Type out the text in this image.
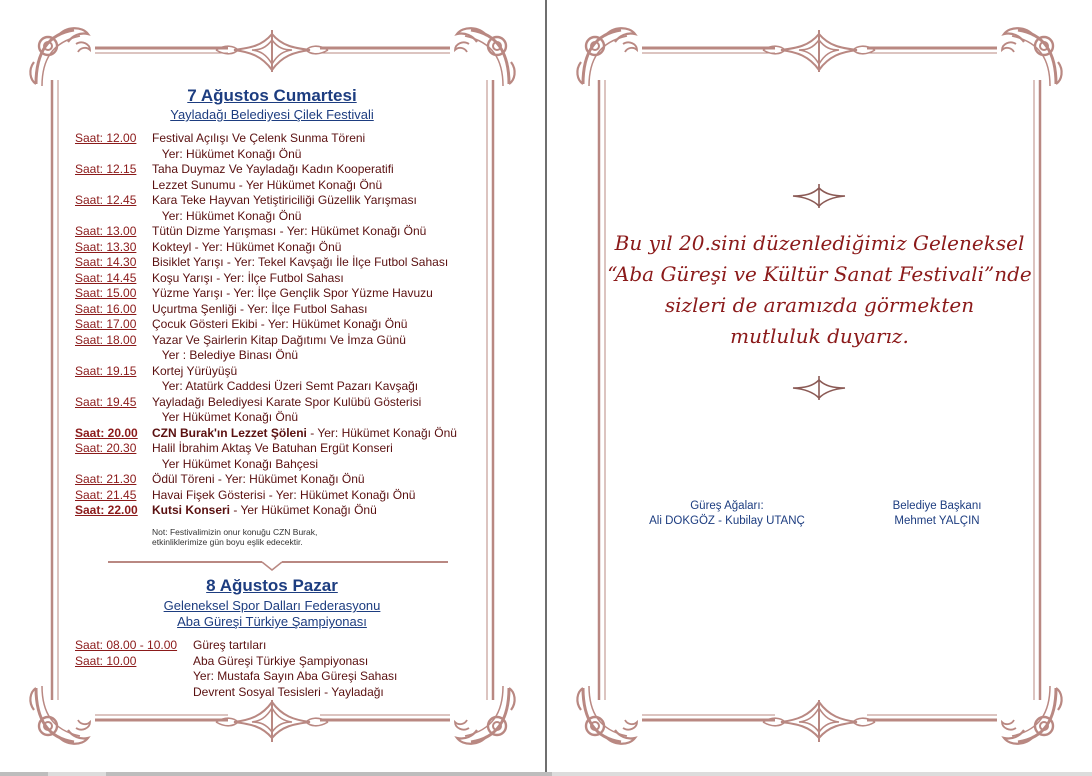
7 Ağustos Cumartesi
Yayladağı Belediyesi Çilek Festivali
Saat: 12.00 Festival Açılışı Ve Çelenk Sunma Töreni
Yer: Hükümet Konağı Önü
Saat: 12.15 Taha Duymaz Ve Yayladağı Kadın Kooperatifi
Lezzet Sunumu - Yer Hükümet Konağı Önü
Saat: 12.45 Kara Teke Hayvan Yetiştiriciliği Güzellik Yarışması
Yer: Hükümet Konağı Önü
Saat: 13.00 Tütün Dizme Yarışması - Yer: Hükümet Konağı Önü
Saat: 13.30 Kokteyl - Yer: Hükümet Konağı Önü
Saat: 14.30 Bisiklet Yarışı - Yer: Tekel Kavşağı İle İlçe Futbol Sahası
Saat: 14.45 Koşu Yarışı - Yer: İlçe Futbol Sahası
Saat: 15.00 Yüzme Yarışı - Yer: İlçe Gençlik Spor Yüzme Havuzu
Saat: 16.00 Uçurtma Şenliği - Yer: İlçe Futbol Sahası
Saat: 17.00 Çocuk Gösteri Ekibi - Yer: Hükümet Konağı Önü
Saat: 18.00 Yazar Ve Şairlerin Kitap Dağıtımı Ve İmza Günü
Yer : Belediye Binası Önü
Saat: 19.15 Kortej Yürüyüşü
Yer: Atatürk Caddesi Üzeri Semt Pazarı Kavşağı
Saat: 19.45 Yayladağı Belediyesi Karate Spor Kulübü Gösterisi
Yer Hükümet Konağı Önü
Saat: 20.00 CZN Burak'ın Lezzet Şöleni - Yer: Hükümet Konağı Önü
Saat: 20.30 Halil İbrahim Aktaş Ve Batuhan Ergüt Konseri
Yer Hükümet Konağı Bahçesi
Saat: 21.30 Ödül Töreni - Yer: Hükümet Konağı Önü
Saat: 21.45 Havai Fişek Gösterisi - Yer: Hükümet Konağı Önü
Saat: 22.00 Kutsi Konseri - Yer Hükümet Konağı Önü
Not: Festivalimizin onur konuğu CZN Burak,
etkinliklerimize gün boyu eşlik edecektir.
8 Ağustos Pazar
Geleneksel Spor Dalları Federasyonu
Aba Güreşi Türkiye Şampiyonası
Saat: 08.00 - 10.00 Güreş tartıları
Saat: 10.00	Aba Güreşi Türkiye Şampiyonası
Yer: Mustafa Sayın Aba Güreşi Sahası
Devrent Sosyal Tesisleri - Yayladağı
Bu yıl 20.sini düzenlediğimiz Geleneksel
“Aba Güreşi ve Kültür Sanat Festivali”nde
sizleri de aramızda görmekten
mutluluk duyarız.
Güreş Ağaları:
Ali DOKGÖZ - Kubilay UTANÇ
Belediye Başkanı
Mehmet YALÇIN
